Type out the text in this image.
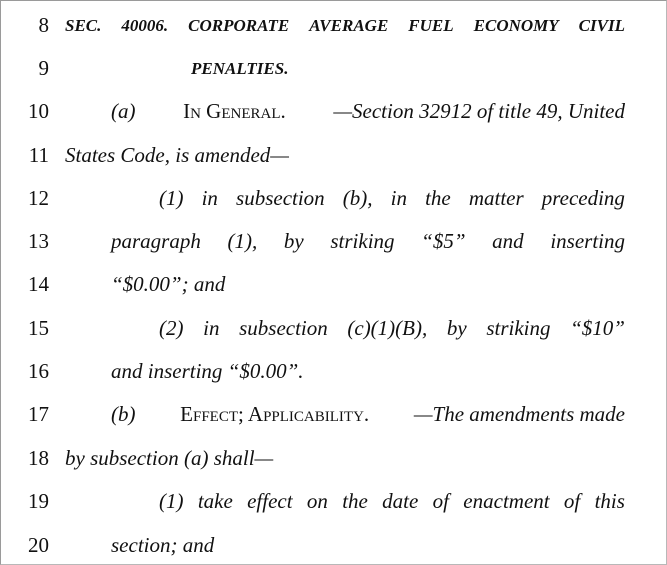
8 SEC. 40006. CORPORATE AVERAGE FUEL ECONOMY CIVIL
9	PENALTIES.
10	(a) In General. —Section 32912 of title 49, United
11 States Code, is amended—
12	(1) in subsection (b), in the matter preceding
13	paragraph (1), by striking “$5” and inserting
14	“$0.00”; and
15	(2) in subsection (c)(1)(B), by striking “$10”
16	and inserting “$0.00”.
17	(b) Effect; Applicability. —The amendments made
18 by subsection (a) shall—
19	(1) take effect on the date of enactment of this
20	section; and
